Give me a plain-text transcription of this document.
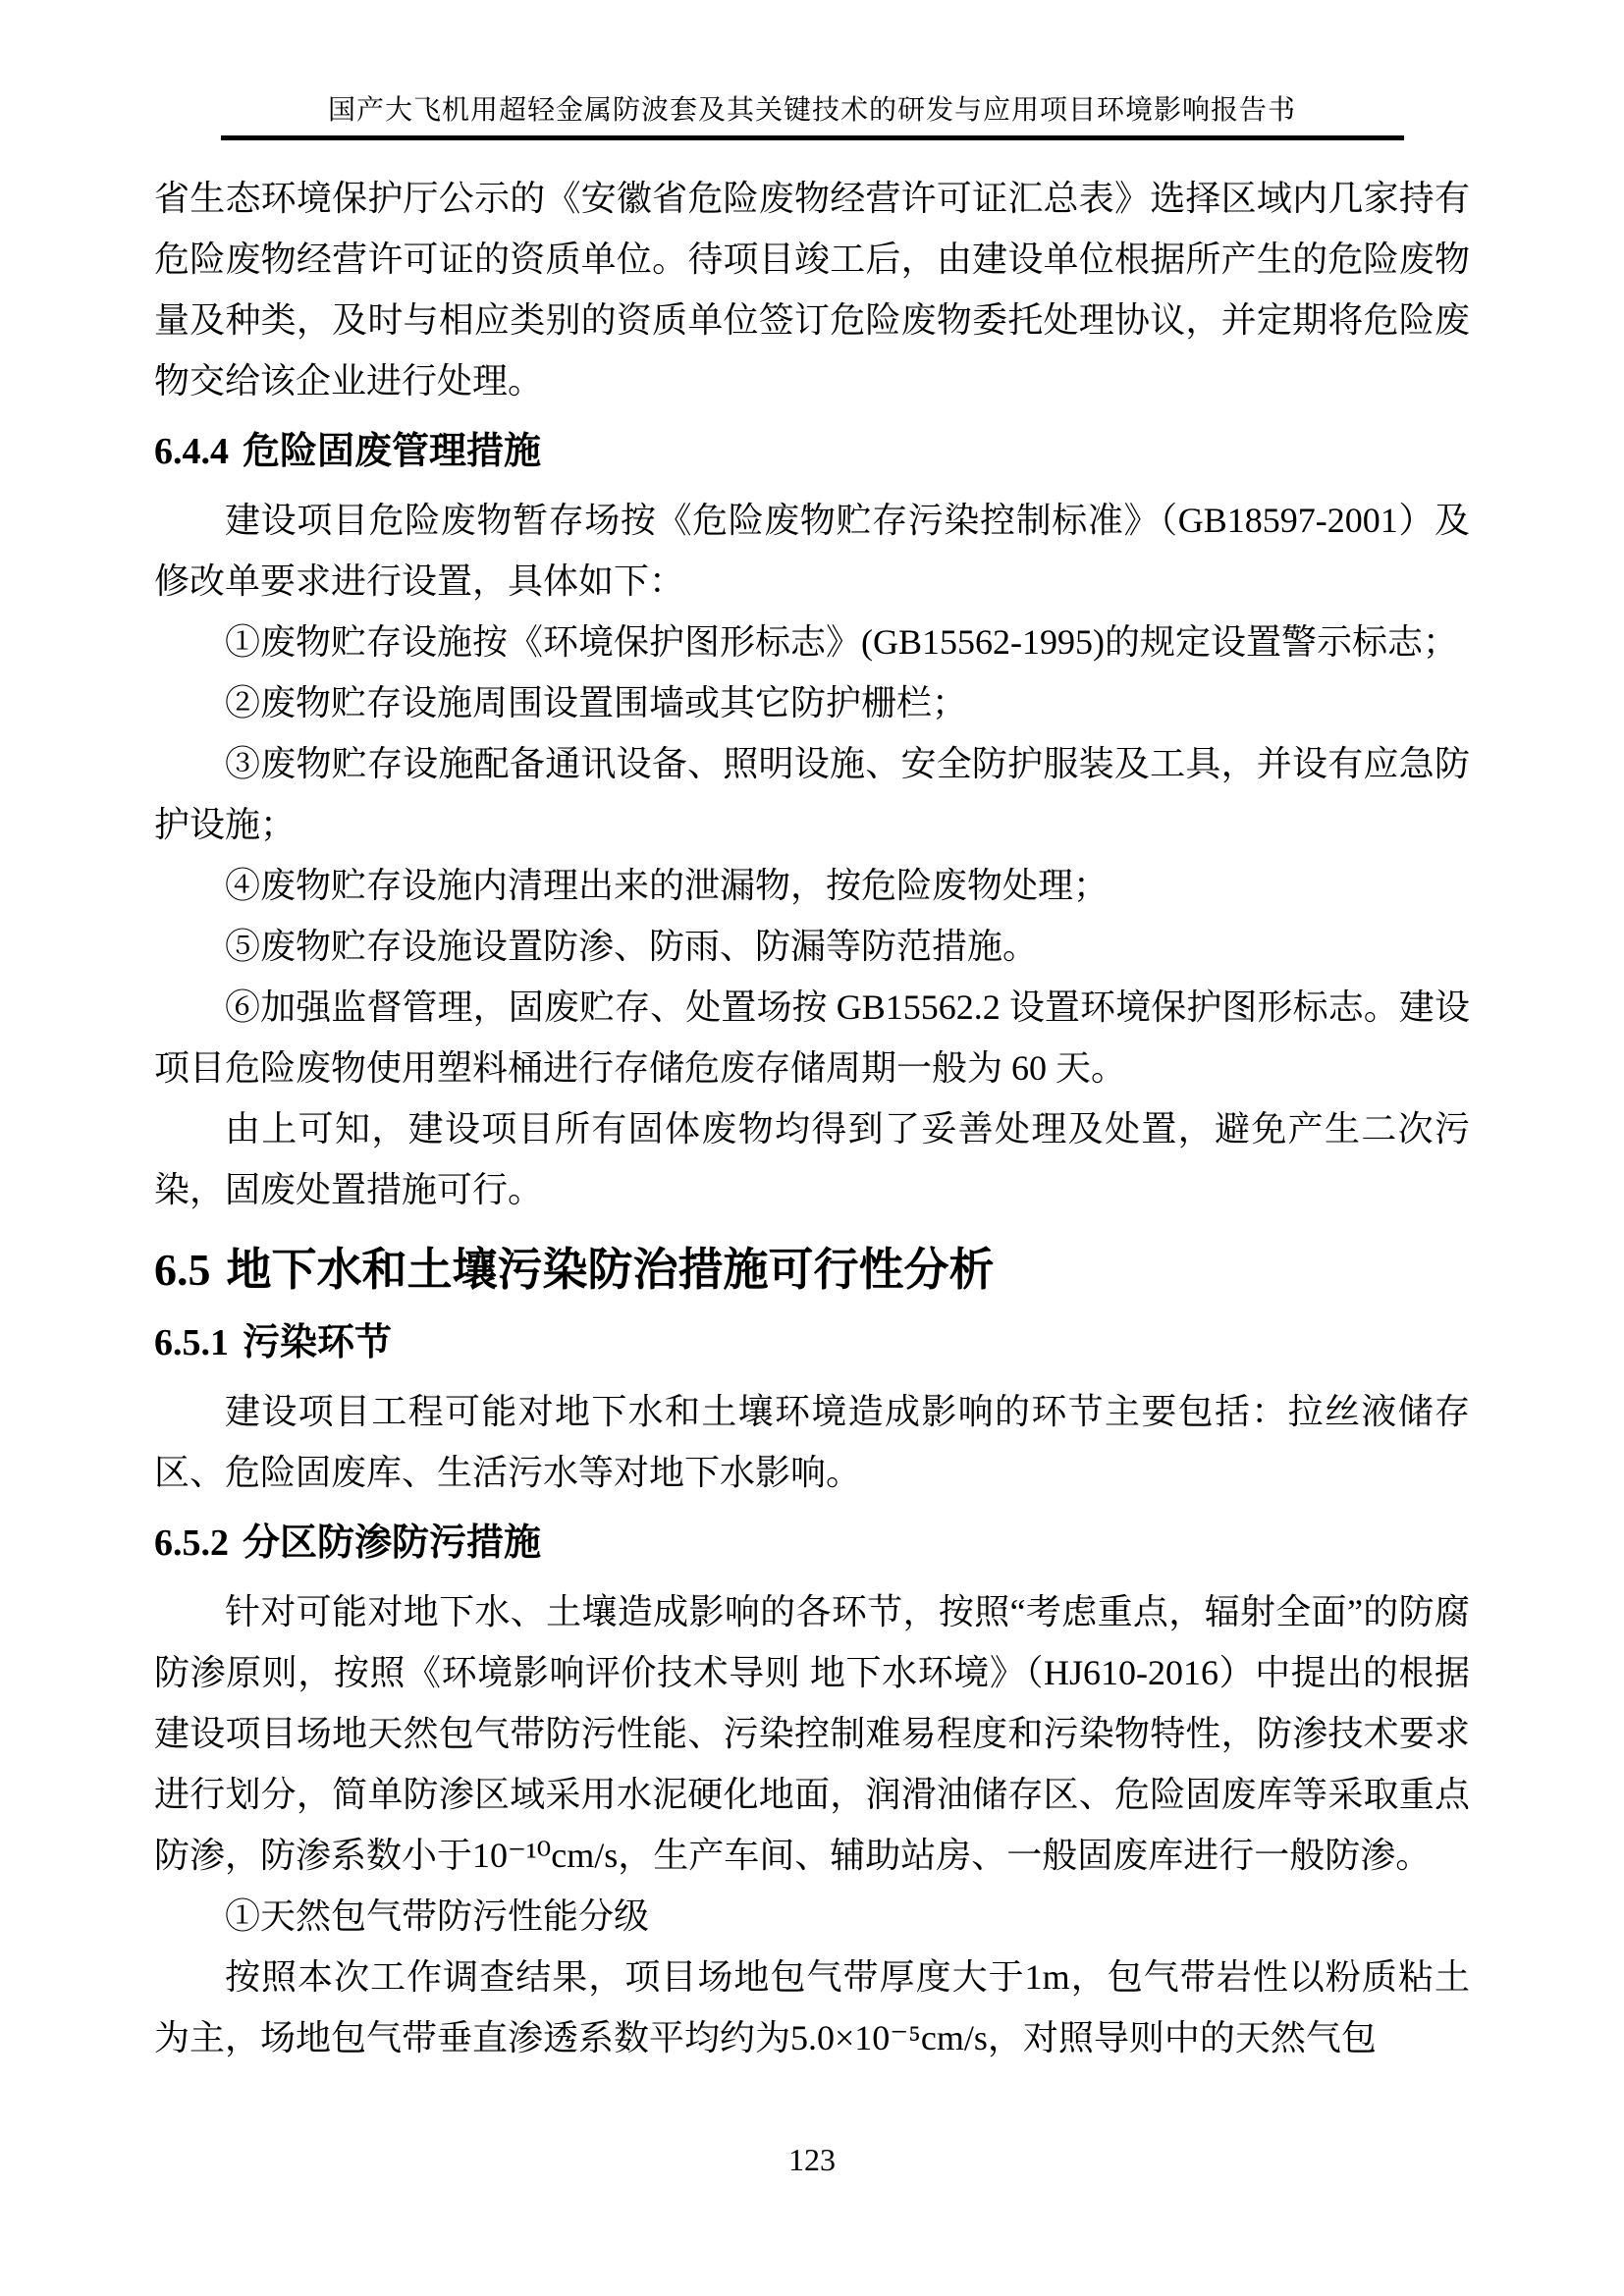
国产大飞机用超轻金属防波套及其关键技术的研发与应用项目环境影响报告书

省生态环境保护厅公示的《安徽省危险废物经营许可证汇总表》选择区域内几家持有危险废物经营许可证的资质单位。待项目竣工后，由建设单位根据所产生的危险废物量及种类，及时与相应类别的资质单位签订危险废物委托处理协议，并定期将危险废物交给该企业进行处理。

6.4.4 危险固废管理措施

建设项目危险废物暂存场按《危险废物贮存污染控制标准》（GB18597-2001）及修改单要求进行设置，具体如下：

①废物贮存设施按《环境保护图形标志》(GB15562-1995)的规定设置警示标志；

②废物贮存设施周围设置围墙或其它防护栅栏；

③废物贮存设施配备通讯设备、照明设施、安全防护服装及工具，并设有应急防护设施；

④废物贮存设施内清理出来的泄漏物，按危险废物处理；

⑤废物贮存设施设置防渗、防雨、防漏等防范措施。

⑥加强监督管理，固废贮存、处置场按 GB15562.2 设置环境保护图形标志。建设项目危险废物使用塑料桶进行存储危废存储周期一般为 60 天。

由上可知，建设项目所有固体废物均得到了妥善处理及处置，避免产生二次污染，固废处置措施可行。

6.5 地下水和土壤污染防治措施可行性分析
6.5.1 污染环节

建设项目工程可能对地下水和土壤环境造成影响的环节主要包括：拉丝液储存区、危险固废库、生活污水等对地下水影响。

6.5.2 分区防渗防污措施

针对可能对地下水、土壤造成影响的各环节，按照“考虑重点，辐射全面”的防腐防渗原则，按照《环境影响评价技术导则 地下水环境》（HJ610-2016）中提出的根据建设项目场地天然包气带防污性能、污染控制难易程度和污染物特性，防渗技术要求进行划分，简单防渗区域采用水泥硬化地面，润滑油储存区、危险固废库等采取重点防渗，防渗系数小于10⁻¹⁰cm/s，生产车间、辅助站房、一般固废库进行一般防渗。

①天然包气带防污性能分级

按照本次工作调查结果，项目场地包气带厚度大于1m，包气带岩性以粉质粘土为主，场地包气带垂直渗透系数平均约为5.0×10⁻⁵cm/s，对照导则中的天然气包

123
